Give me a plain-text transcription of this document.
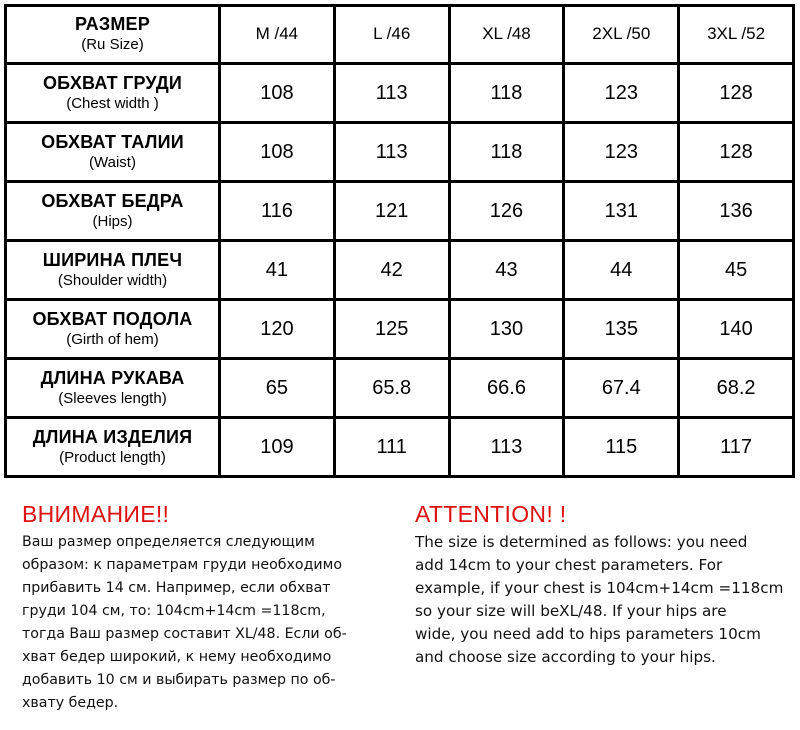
РАЗМЕР
(Ru Size)
M /44	L /46	XL /48	2XL /50	3XL /52
ОБХВАТ ГРУДИ
(Chest width )	108	113	118	123	128
ОБХВАТ ТАЛИИ
(Waist)	108	113	118	123	128
ОБХВАТ БЕДРА
(Hips)	116	121	126	131	136
ШИРИНА ПЛЕЧ
(Shoulder width)	41	42	43	44	45
ОБХВАТ ПОДОЛА
(Girth of hem)	120	125	130	135	140
ДЛИНА РУКАВА
(Sleeves length)	65	65.8	66.6	67.4	68.2
ДЛИНА ИЗДЕЛИЯ
(Product length)	109	111	113	115	117
ВНИМАНИЕ!!

Ваш размер определяется следующим
образом: к параметрам груди необходимо
прибавить 14 см. Например, если обхват
груди 104 см, то: 104cm+14cm =118cm,
тогда Ваш размер составит XL/48. Если об-
хват бедер широкий, к нему необходимо
добавить 10 см и выбирать размер по об-
хвату бедер.

ATTENTION! !

The size is determined as follows: you need
add 14cm to your chest parameters. For
example, if your chest is 104cm+14cm =118cm
so your size will beXL/48. If your hips are
wide, you need add to hips parameters 10cm
and choose size according to your hips.
